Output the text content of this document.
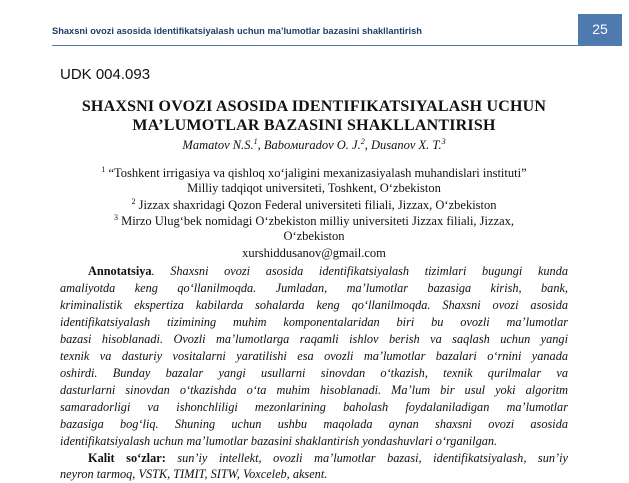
Shaxsni ovozi asosida identifikatsiyalash uchun ma’lumotlar bazasini shakllantirish	25
UDK 004.093
SHAXSNI OVOZI ASOSIDA IDENTIFIKATSIYALASH UCHUN
MA’LUMOTLAR BAZASINI SHAKLLANTIRISH
Mamatov N.S.$^1$, Baboмuradov O. J.$^2$, Dusanov X. T.$^3$
$^1$ “Toshkent irrigasiya va qishloq xo‘jaligini mexanizasiyalash muhandislari instituti”
Milliy tadqiqot universiteti, Toshkent, O‘zbekiston
$^2$ Jizzax shaxridagi Qozon Federal universiteti filiali, Jizzax, O‘zbekiston
$^3$ Mirzo Ulug‘bek nomidagi O‘zbekiston milliy universiteti Jizzax filiali, Jizzax,
O‘zbekiston
xurshiddusanov@gmail.com
Annotatsiya. Shaxsni ovozi asosida identifikatsiyalash tizimlari bugungi kunda
amaliyotda keng qo‘llanilmoqda. Jumladan, ma’lumotlar bazasiga kirish, bank,
kriminalistik ekspertiza kabilarda sohalarda keng qo‘llanilmoqda. Shaxsni ovozi asosida
identifikatsiyalash tizimining muhim komponentalaridan biri bu ovozli ma’lumotlar
bazasi hisoblanadi. Ovozli ma’lumotlarga raqamli ishlov berish va saqlash uchun yangi
texnik va dasturiy vositalarni yaratilishi esa ovozli ma’lumotlar bazalari o‘rnini yanada
oshirdi. Bunday bazalar yangi usullarni sinovdan o‘tkazish, texnik qurilmalar va
dasturlarni sinovdan o‘tkazishda o‘ta muhim hisoblanadi. Ma’lum bir usul yoki algoritm
samaradorligi va ishonchliligi mezonlarining baholash foydalaniladigan ma’lumotlar
bazasiga bog‘liq. Shuning uchun ushbu maqolada aynan shaxsni ovozi asosida
identifikatsiyalash uchun ma’lumotlar bazasini shaklantirish yondashuvlari o‘rganilgan.
Kalit so‘zlar: sun’iy intellekt, ovozli ma’lumotlar bazasi, identifikatsiyalash, sun’iy
neyron tarmoq, VSTK, TIMIT, SITW, Voxceleb, aksent.
